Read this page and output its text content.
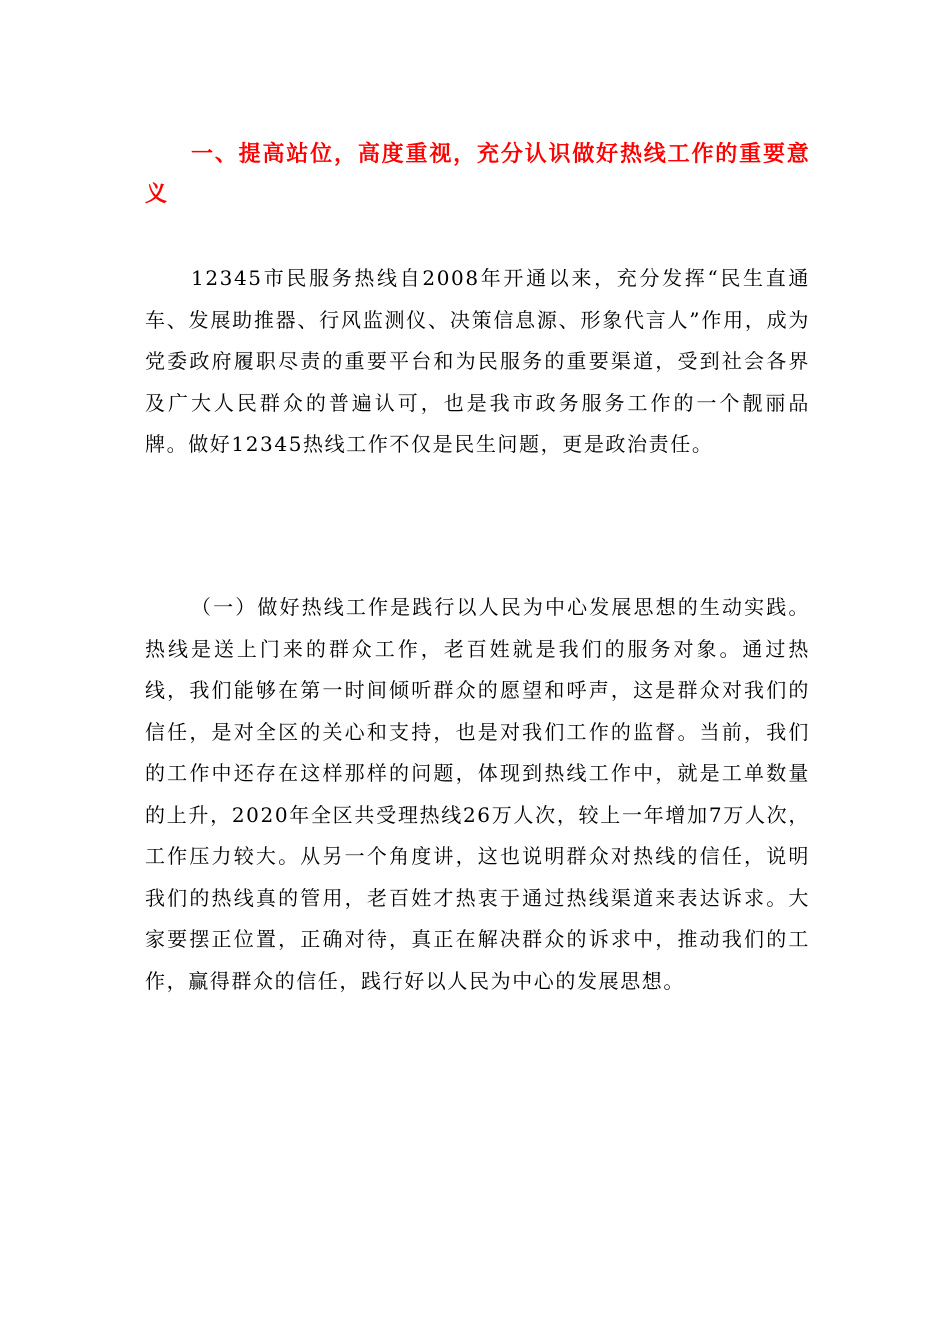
一、提高站位，高度重视，充分认识做好热线工作的重要意义

12345市民服务热线自2008年开通以来，充分发挥“民生直通车、发展助推器、行风监测仪、决策信息源、形象代言人”作用，成为党委政府履职尽责的重要平台和为民服务的重要渠道，受到社会各界及广大人民群众的普遍认可，也是我市政务服务工作的一个靓丽品牌。做好12345热线工作不仅是民生问题，更是政治责任。

（一）做好热线工作是践行以人民为中心发展思想的生动实践。热线是送上门来的群众工作，老百姓就是我们的服务对象。通过热线，我们能够在第一时间倾听群众的愿望和呼声，这是群众对我们的信任，是对全区的关心和支持，也是对我们工作的监督。当前，我们的工作中还存在这样那样的问题，体现到热线工作中，就是工单数量的上升，2020年全区共受理热线26万人次，较上一年增加7万人次，工作压力较大。从另一个角度讲，这也说明群众对热线的信任，说明我们的热线真的管用，老百姓才热衷于通过热线渠道来表达诉求。大家要摆正位置，正确对待，真正在解决群众的诉求中，推动我们的工作，赢得群众的信任，践行好以人民为中心的发展思想。
